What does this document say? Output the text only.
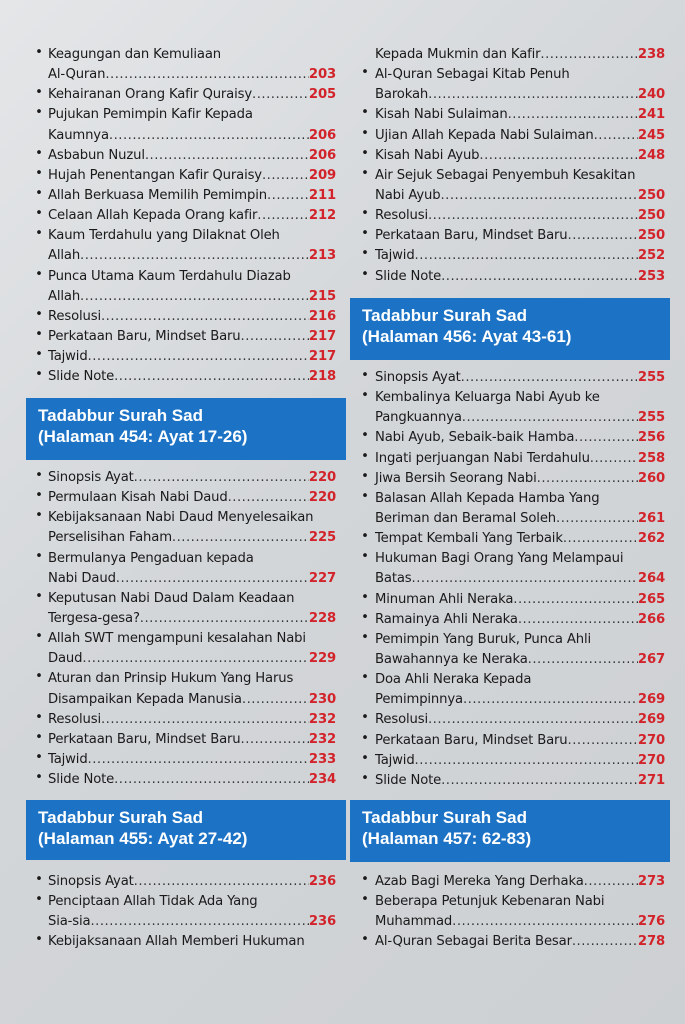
• Keagungan dan Kemuliaan
Al-Quran .....	203
• Kehairanan Orang Kafir Quraisy .....	205
• Pujukan Pemimpin Kafir Kepada
Kaumnya .....	206
• Asbabun Nuzul .....	206
• Hujah Penentangan Kafir Quraisy .....	209
• Allah Berkuasa Memilih Pemimpin .....	211
• Celaan Allah Kepada Orang kafir .....	212
• Kaum Terdahulu yang Dilaknat Oleh
Allah .....	213
• Punca Utama Kaum Terdahulu Diazab
Allah .....	215
• Resolusi .....	216
• Perkataan Baru, Mindset Baru .....	217
• Tajwid .....	217
• Slide Note .....	218
Tadabbur Surah Sad
(Halaman 454: Ayat 17-26)
• Sinopsis Ayat .....	220
• Permulaan Kisah Nabi Daud .....	220
• Kebijaksanaan Nabi Daud Menyelesaikan
Perselisihan Faham .....	225
• Bermulanya Pengaduan kepada
Nabi Daud .....	227
• Keputusan Nabi Daud Dalam Keadaan
Tergesa-gesa? .....	228
• Allah SWT mengampuni kesalahan Nabi
Daud .....	229
• Aturan dan Prinsip Hukum Yang Harus
Disampaikan Kepada Manusia .....	230
• Resolusi .....	232
• Perkataan Baru, Mindset Baru .....	232
• Tajwid .....	233
• Slide Note .....	234
Tadabbur Surah Sad
(Halaman 455: Ayat 27-42)
• Sinopsis Ayat .....	236
• Penciptaan Allah Tidak Ada Yang
Sia-sia .....	236
• Kebijaksanaan Allah Memberi Hukuman
Kepada Mukmin dan Kafir .....	238
• Al-Quran Sebagai Kitab Penuh
Barokah .....	240
• Kisah Nabi Sulaiman .....	241
• Ujian Allah Kepada Nabi Sulaiman .....	245
• Kisah Nabi Ayub .....	248
• Air Sejuk Sebagai Penyembuh Kesakitan
Nabi Ayub .....	250
• Resolusi .....	250
• Perkataan Baru, Mindset Baru .....	250
• Tajwid .....	252
• Slide Note .....	253
Tadabbur Surah Sad
(Halaman 456: Ayat 43-61)
• Sinopsis Ayat .....	255
• Kembalinya Keluarga Nabi Ayub ke
Pangkuannya .....	255
• Nabi Ayub, Sebaik-baik Hamba .....	256
• Ingati perjuangan Nabi Terdahulu .....	258
• Jiwa Bersih Seorang Nabi .....	260
• Balasan Allah Kepada Hamba Yang
Beriman dan Beramal Soleh .....	261
• Tempat Kembali Yang Terbaik .....	262
• Hukuman Bagi Orang Yang Melampaui
Batas .....	264
• Minuman Ahli Neraka .....	265
• Ramainya Ahli Neraka .....	266
• Pemimpin Yang Buruk, Punca Ahli
Bawahannya ke Neraka .....	267
• Doa Ahli Neraka Kepada
Pemimpinnya .....	269
• Resolusi .....	269
• Perkataan Baru, Mindset Baru .....	270
• Tajwid .....	270
• Slide Note .....	271
Tadabbur Surah Sad
(Halaman 457: 62-83)
• Azab Bagi Mereka Yang Derhaka .....	273
• Beberapa Petunjuk Kebenaran Nabi
Muhammad .....	276
• Al-Quran Sebagai Berita Besar .....	278
